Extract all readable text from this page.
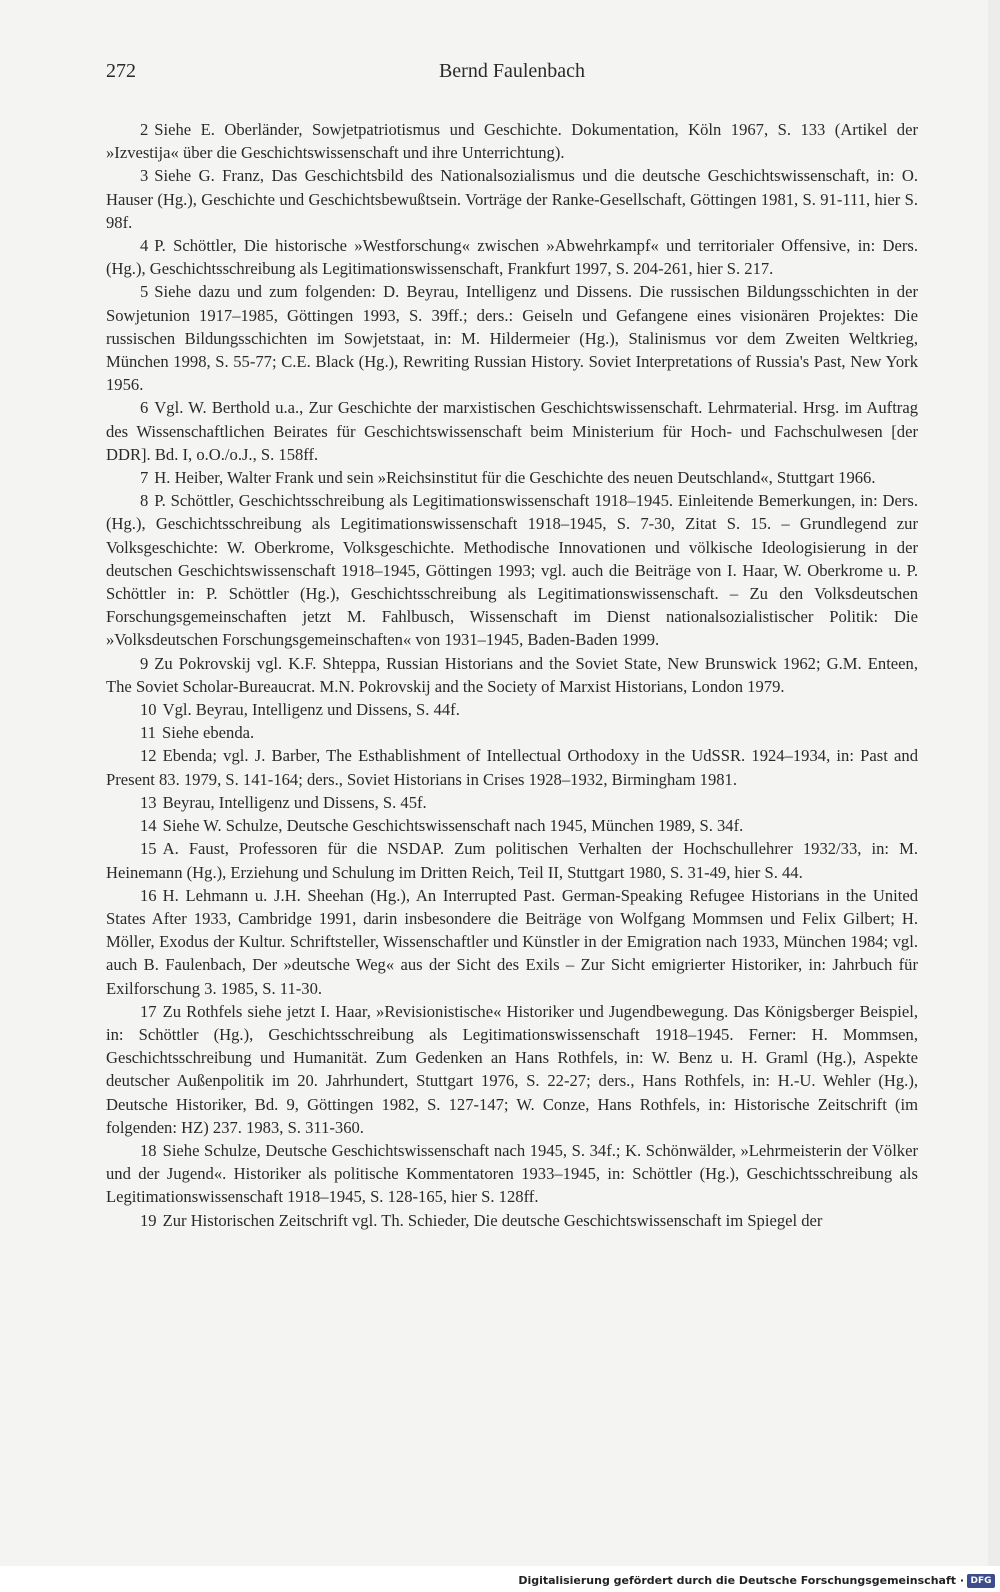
272	Bernd Faulenbach

2 Siehe E. Oberländer, Sowjetpatriotismus und Geschichte. Dokumentation, Köln 1967, S. 133 (Artikel der »Izvestija« über die Geschichtswissenschaft und ihre Unterrichtung).

3 Siehe G. Franz, Das Geschichtsbild des Nationalsozialismus und die deutsche Geschichtswissenschaft, in: O. Hauser (Hg.), Geschichte und Geschichtsbewußtsein. Vorträge der Ranke-Gesellschaft, Göttingen 1981, S. 91-111, hier S. 98f.

4 P. Schöttler, Die historische »Westforschung« zwischen »Abwehrkampf« und territorialer Offensive, in: Ders. (Hg.), Geschichtsschreibung als Legitimationswissenschaft, Frankfurt 1997, S. 204-261, hier S. 217.

5 Siehe dazu und zum folgenden: D. Beyrau, Intelligenz und Dissens. Die russischen Bildungsschichten in der Sowjetunion 1917–1985, Göttingen 1993, S. 39ff.; ders.: Geiseln und Gefangene eines visionären Projektes: Die russischen Bildungsschichten im Sowjetstaat, in: M. Hildermeier (Hg.), Stalinismus vor dem Zweiten Weltkrieg, München 1998, S. 55-77; C.E. Black (Hg.), Rewriting Russian History. Soviet Interpretations of Russia's Past, New York 1956.

6 Vgl. W. Berthold u.a., Zur Geschichte der marxistischen Geschichtswissenschaft. Lehrmaterial. Hrsg. im Auftrag des Wissenschaftlichen Beirates für Geschichtswissenschaft beim Ministerium für Hoch- und Fachschulwesen [der DDR]. Bd. I, o.O./o.J., S. 158ff.

7 H. Heiber, Walter Frank und sein »Reichsinstitut für die Geschichte des neuen Deutschland«, Stuttgart 1966.

8 P. Schöttler, Geschichtsschreibung als Legitimationswissenschaft 1918–1945. Einleitende Bemerkungen, in: Ders. (Hg.), Geschichtsschreibung als Legitimationswissenschaft 1918–1945, S. 7-30, Zitat S. 15. – Grundlegend zur Volksgeschichte: W. Oberkrome, Volksgeschichte. Methodische Innovationen und völkische Ideologisierung in der deutschen Geschichtswissenschaft 1918–1945, Göttingen 1993; vgl. auch die Beiträge von I. Haar, W. Oberkrome u. P. Schöttler in: P. Schöttler (Hg.), Geschichtsschreibung als Legitimationswissenschaft. – Zu den Volksdeutschen Forschungsgemeinschaften jetzt M. Fahlbusch, Wissenschaft im Dienst nationalsozialistischer Politik: Die »Volksdeutschen Forschungsgemeinschaften« von 1931–1945, Baden-Baden 1999.

9 Zu Pokrovskij vgl. K.F. Shteppa, Russian Historians and the Soviet State, New Brunswick 1962; G.M. Enteen, The Soviet Scholar-Bureaucrat. M.N. Pokrovskij and the Society of Marxist Historians, London 1979.

10 Vgl. Beyrau, Intelligenz und Dissens, S. 44f.

11 Siehe ebenda.

12 Ebenda; vgl. J. Barber, The Esthablishment of Intellectual Orthodoxy in the UdSSR. 1924–1934, in: Past and Present 83. 1979, S. 141-164; ders., Soviet Historians in Crises 1928–1932, Birmingham 1981.

13 Beyrau, Intelligenz und Dissens, S. 45f.

14 Siehe W. Schulze, Deutsche Geschichtswissenschaft nach 1945, München 1989, S. 34f.

15 A. Faust, Professoren für die NSDAP. Zum politischen Verhalten der Hochschullehrer 1932/33, in: M. Heinemann (Hg.), Erziehung und Schulung im Dritten Reich, Teil II, Stuttgart 1980, S. 31-49, hier S. 44.

16 H. Lehmann u. J.H. Sheehan (Hg.), An Interrupted Past. German-Speaking Refugee Historians in the United States After 1933, Cambridge 1991, darin insbesondere die Beiträge von Wolfgang Mommsen und Felix Gilbert; H. Möller, Exodus der Kultur. Schriftsteller, Wissenschaftler und Künstler in der Emigration nach 1933, München 1984; vgl. auch B. Faulenbach, Der »deutsche Weg« aus der Sicht des Exils – Zur Sicht emigrierter Historiker, in: Jahrbuch für Exilforschung 3. 1985, S. 11-30.

17 Zu Rothfels siehe jetzt I. Haar, »Revisionistische« Historiker und Jugendbewegung. Das Königsberger Beispiel, in: Schöttler (Hg.), Geschichtsschreibung als Legitimationswissenschaft 1918–1945. Ferner: H. Mommsen, Geschichtsschreibung und Humanität. Zum Gedenken an Hans Rothfels, in: W. Benz u. H. Graml (Hg.), Aspekte deutscher Außenpolitik im 20. Jahrhundert, Stuttgart 1976, S. 22-27; ders., Hans Rothfels, in: H.-U. Wehler (Hg.), Deutsche Historiker, Bd. 9, Göttingen 1982, S. 127-147; W. Conze, Hans Rothfels, in: Historische Zeitschrift (im folgenden: HZ) 237. 1983, S. 311-360.

18 Siehe Schulze, Deutsche Geschichtswissenschaft nach 1945, S. 34f.; K. Schönwälder, »Lehrmeisterin der Völker und der Jugend«. Historiker als politische Kommentatoren 1933–1945, in: Schöttler (Hg.), Geschichtsschreibung als Legitimationswissenschaft 1918–1945, S. 128-165, hier S. 128ff.

19 Zur Historischen Zeitschrift vgl. Th. Schieder, Die deutsche Geschichtswissenschaft im Spiegel der

Digitalisierung gefördert durch die Deutsche Forschungsgemeinschaft · DFG
